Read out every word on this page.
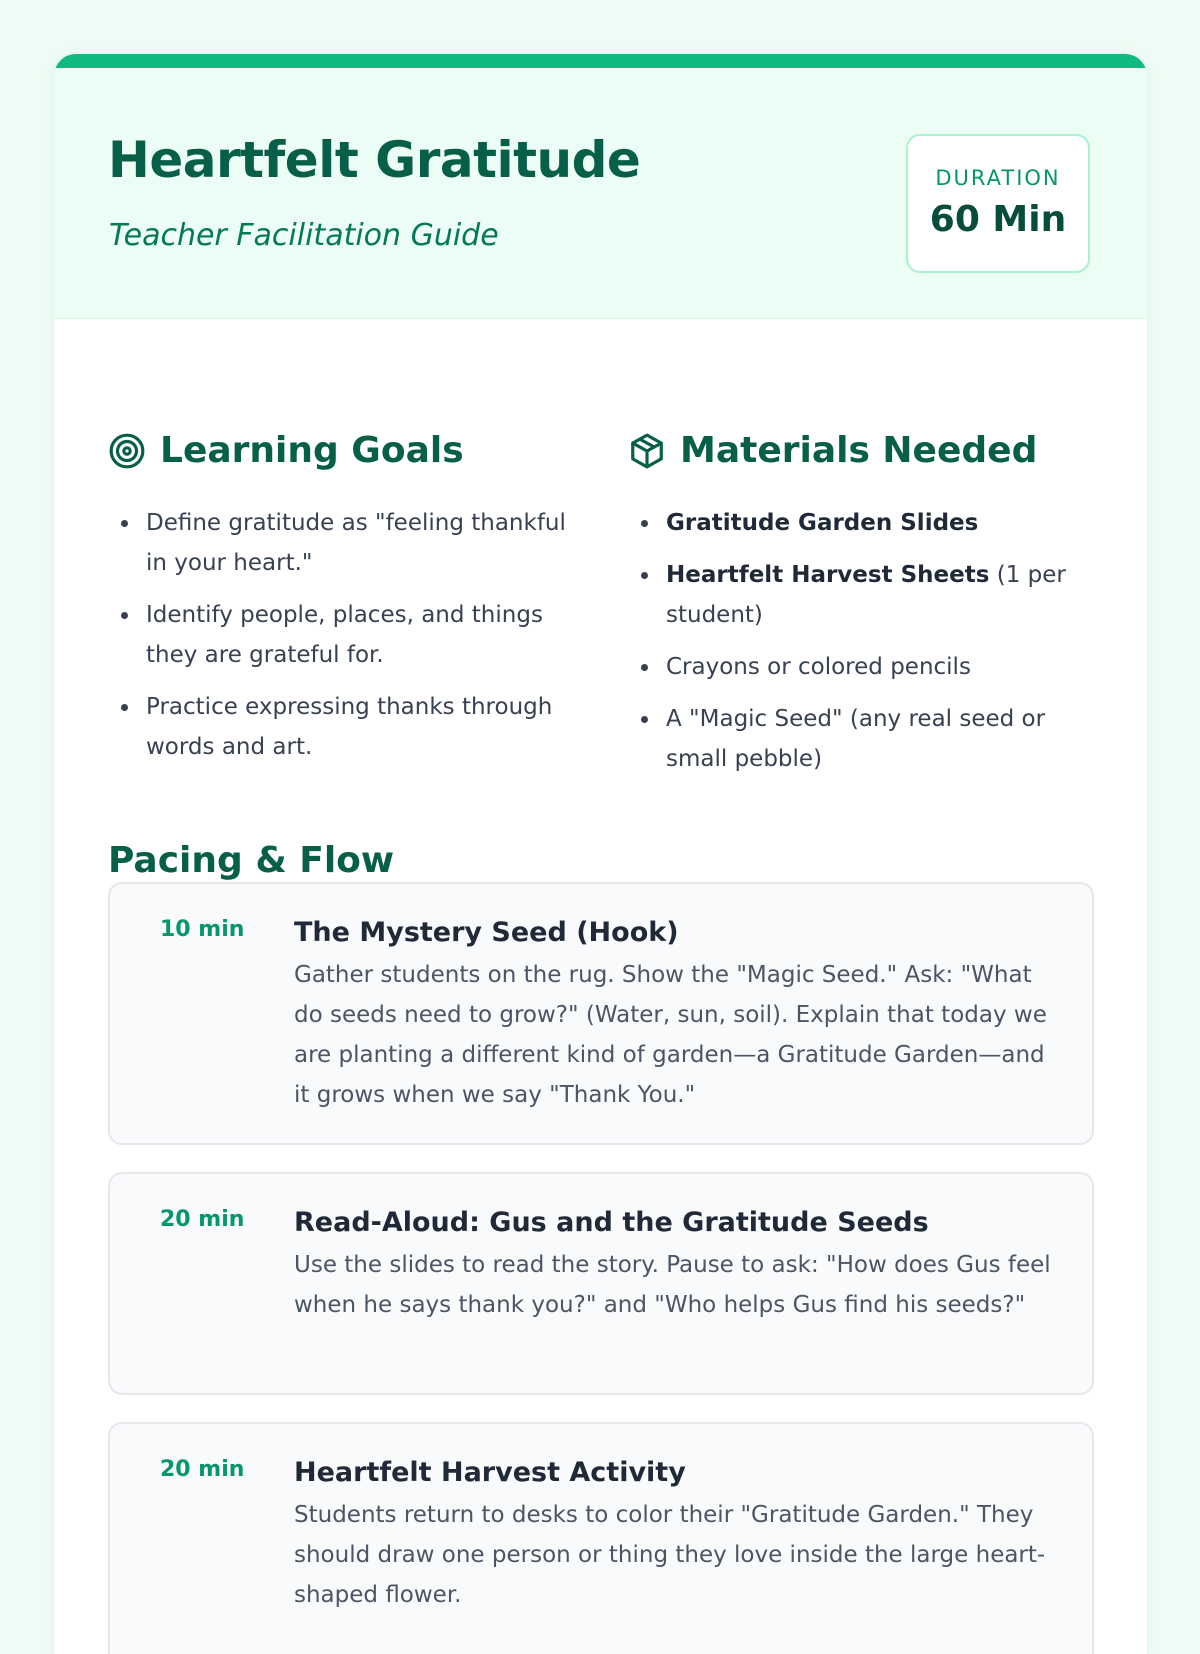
Heartfelt Gratitude

Teacher Facilitation Guide

DURATION
60 Min
Learning Goals
Define gratitude as "feeling thankful in your heart."
Identify people, places, and things they are grateful for.
Practice expressing thanks through words and art.
Materials Needed
Gratitude Garden Slides
Heartfelt Harvest Sheets (1 per student)
Crayons or colored pencils
A "Magic Seed" (any real seed or small pebble)
Pacing & Flow
10 min The Mystery Seed (Hook)

Gather students on the rug. Show the "Magic Seed." Ask: "What do seeds need to grow?" (Water, sun, soil). Explain that today we are planting a different kind of garden—a Gratitude Garden—and it grows when we say "Thank You."

20 min Read-Aloud: Gus and the Gratitude Seeds

Use the slides to read the story. Pause to ask: "How does Gus feel when he says thank you?" and "Who helps Gus find his seeds?"

20 min Heartfelt Harvest Activity

Students return to desks to color their "Gratitude Garden." They should draw one person or thing they love inside the large heart-shaped flower.
